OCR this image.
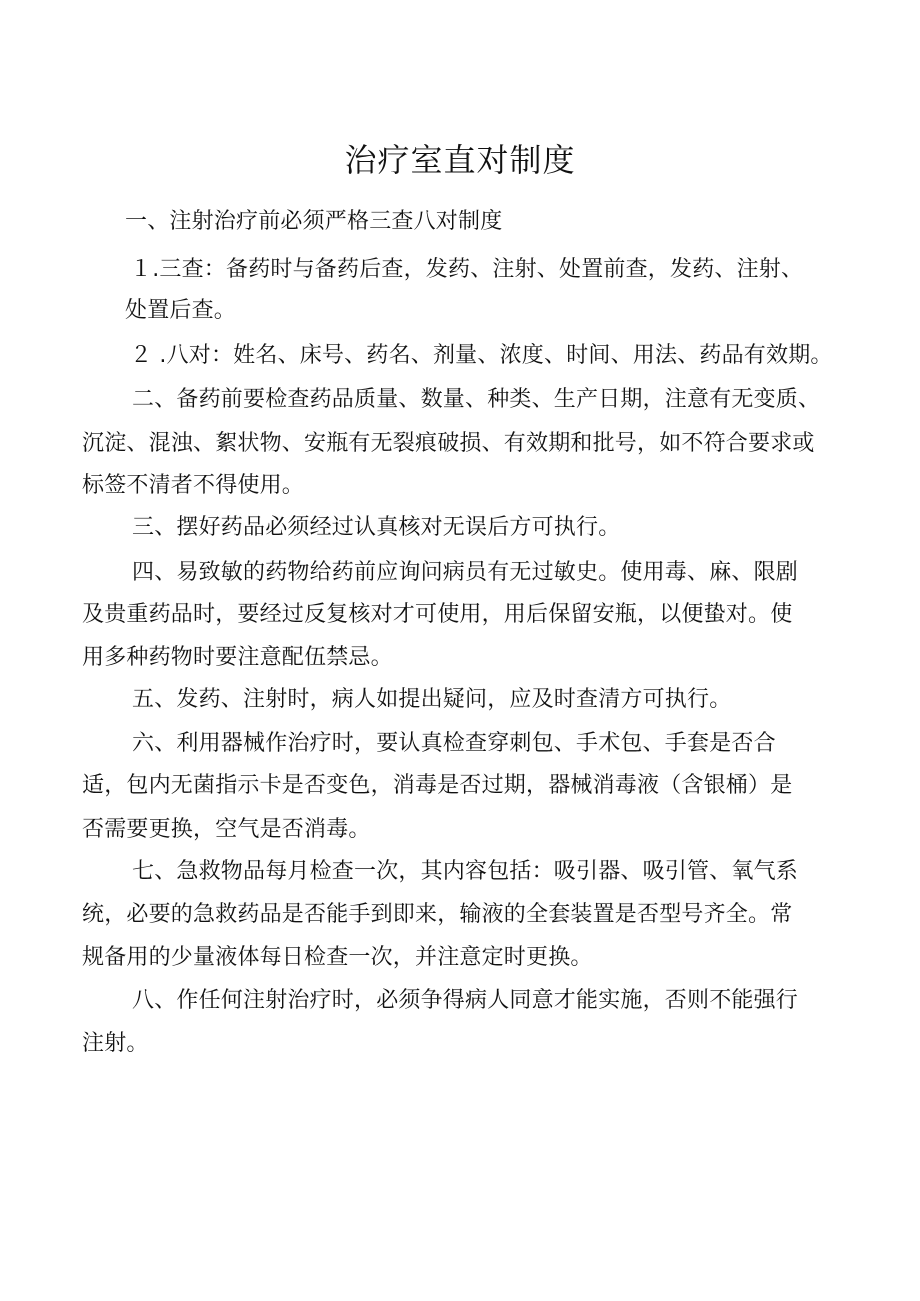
治疗室直对制度
一、注射治疗前必须严格三查八对制度
１.三查：备药时与备药后查，发药、注射、处置前查，发药、注射、
处置后查。
２ .八对：姓名、床号、药名、剂量、浓度、时间、用法、药品有效期。
二、备药前要检查药品质量、数量、种类、生产日期，注意有无变质、
沉淀、混浊、絮状物、安瓶有无裂痕破损、有效期和批号，如不符合要求或
标签不清者不得使用。
三、摆好药品必须经过认真核对无误后方可执行。
四、易致敏的药物给药前应询问病员有无过敏史。使用毒、麻、限剧
及贵重药品时，要经过反复核对才可使用，用后保留安瓶，以便蛰对。使
用多种药物时要注意配伍禁忌。
五、发药、注射时，病人如提出疑问，应及时查清方可执行。
六、利用器械作治疗时，要认真检查穿刺包、手术包、手套是否合
适，包内无菌指示卡是否变色，消毒是否过期，器械消毒液（含银桶）是
否需要更换，空气是否消毒。
七、急救物品每月检查一次，其内容包括：吸引器、吸引管、氧气系
统，必要的急救药品是否能手到即来，输液的全套装置是否型号齐全。常
规备用的少量液体每日检查一次，并注意定时更换。
八、作任何注射治疗时，必须争得病人同意才能实施，否则不能强行
注射。
